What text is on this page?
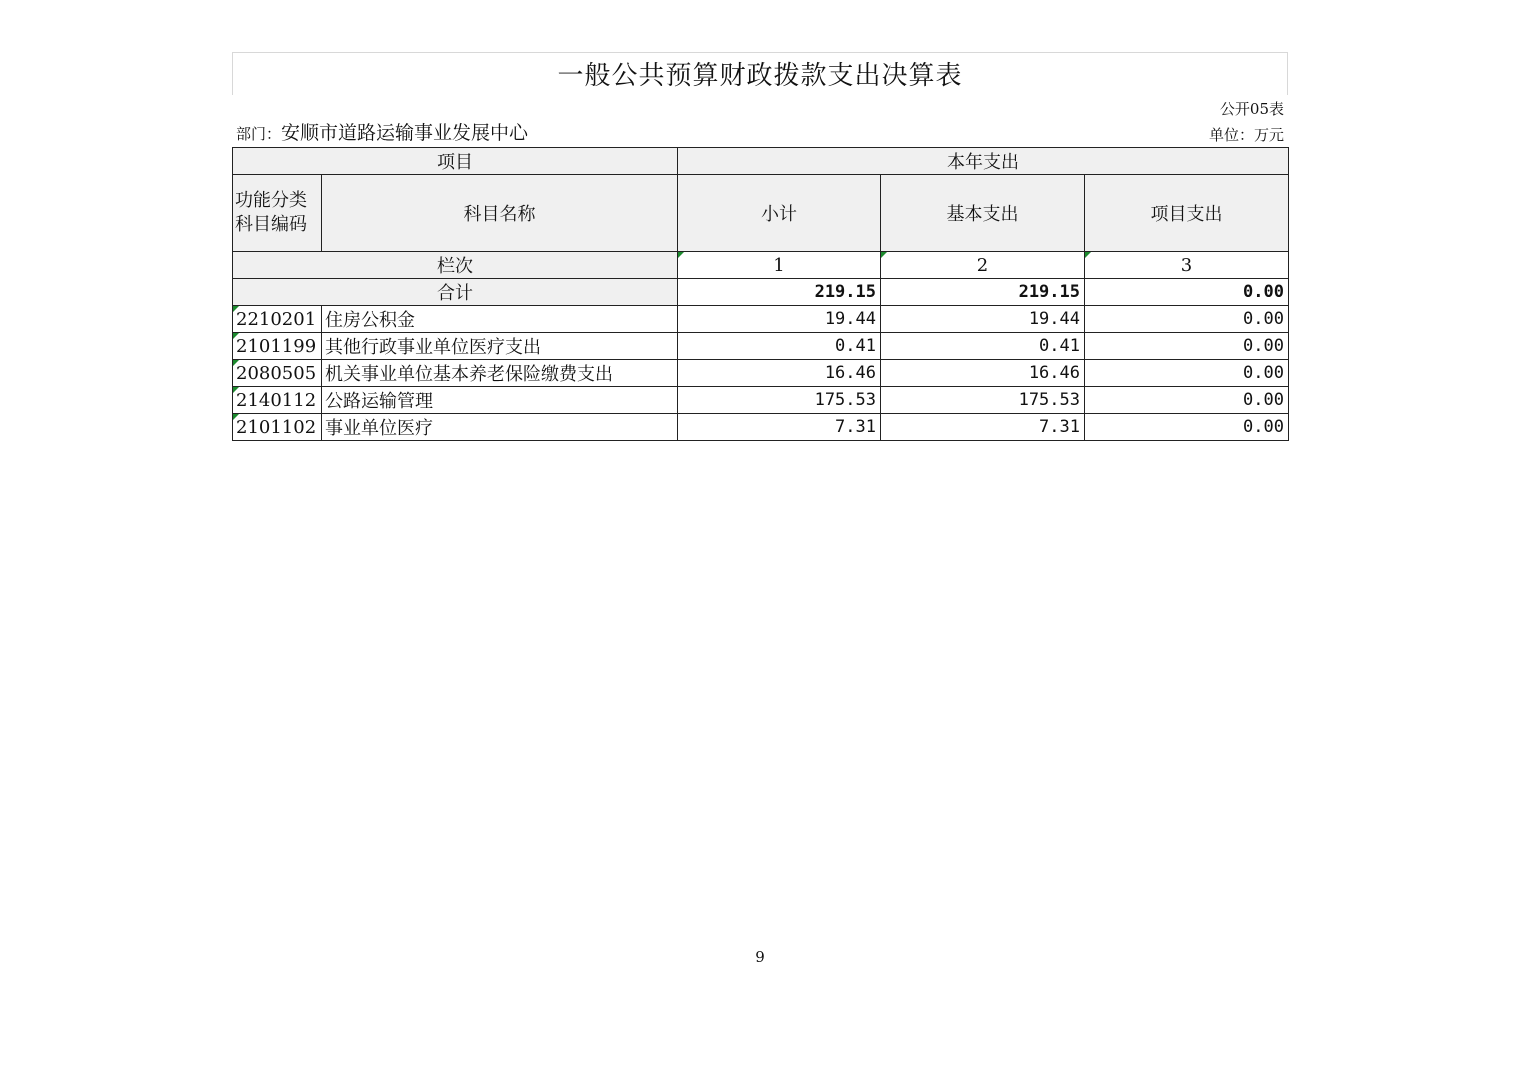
一般公共预算财政拨款支出决算表
公开05表
部门：安顺市道路运输事业发展中心	单位：万元
项目		本年支出		
功能分类科目编码	科目名称	小计	基本支出	项目支出
栏次		1	2	3
合计		219.15	219.15	0.00
2210201	住房公积金	19.44	19.44	0.00
2101199	其他行政事业单位医疗支出	0.41	0.41	0.00
2080505	机关事业单位基本养老保险缴费支出	16.46	16.46	0.00
2140112	公路运输管理	175.53	175.53	0.00
2101102	事业单位医疗	7.31	7.31	0.00
9
